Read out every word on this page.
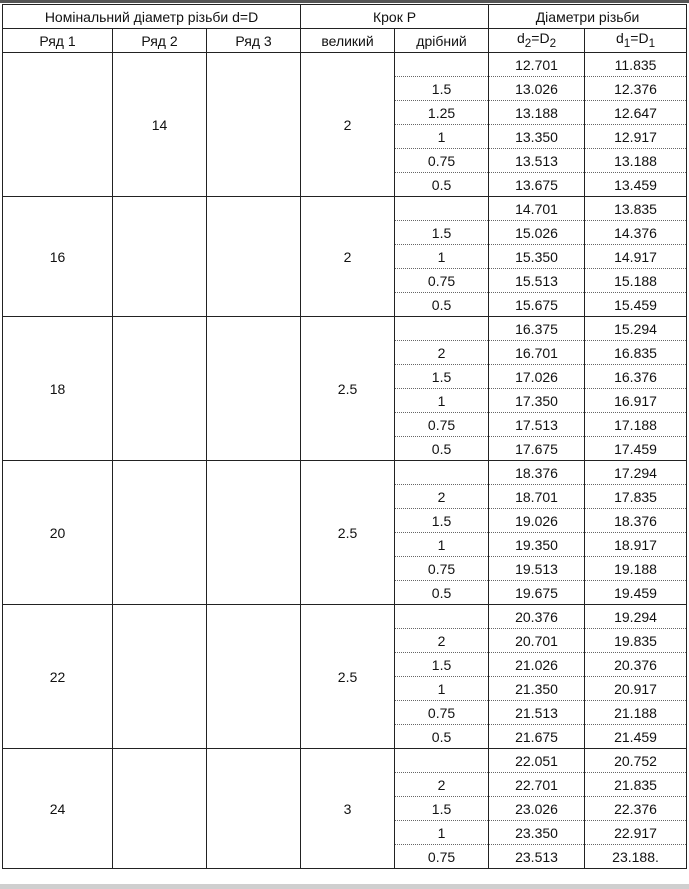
Номінальний діаметр різьби d=D			Крок P		Діаметри різьби	
Ряд 1	Ряд 2	Ряд 3	великий	дрібний	$d_2=D_2$	$d_1=D_1$
	14		2		12.701	11.835
				1.5	13.026	12.376
				1.25	13.188	12.647
				1	13.350	12.917
				0.75	13.513	13.188
				0.5	13.675	13.459
16			2		14.701	13.835
				1.5	15.026	14.376
				1	15.350	14.917
				0.75	15.513	15.188
				0.5	15.675	15.459
18			2.5		16.375	15.294
				2	16.701	16.835
				1.5	17.026	16.376
				1	17.350	16.917
				0.75	17.513	17.188
				0.5	17.675	17.459
20			2.5		18.376	17.294
				2	18.701	17.835
				1.5	19.026	18.376
				1	19.350	18.917
				0.75	19.513	19.188
				0.5	19.675	19.459
22			2.5		20.376	19.294
				2	20.701	19.835
				1.5	21.026	20.376
				1	21.350	20.917
				0.75	21.513	21.188
				0.5	21.675	21.459
24			3		22.051	20.752
				2	22.701	21.835
				1.5	23.026	22.376
				1	23.350	22.917
				0.75	23.513	23.188.
